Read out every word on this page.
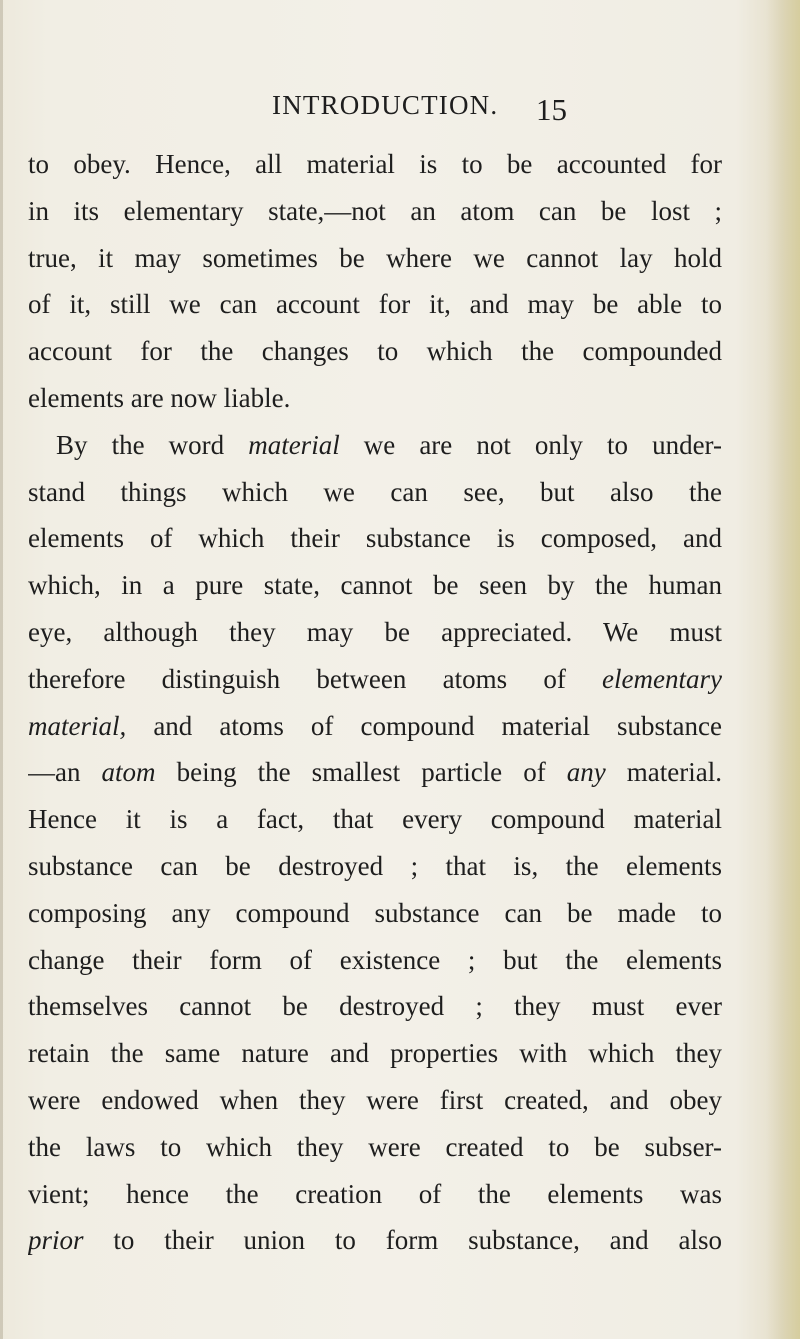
INTRODUCTION. 15
to obey. Hence, all material is to be accounted for
in its elementary state,—not an atom can be lost ;
true, it may sometimes be where we cannot lay hold
of it, still we can account for it, and may be able to
account for the changes to which the compounded
elements are now liable.
By the word material we are not only to under-
stand things which we can see, but also the
elements of which their substance is composed, and
which, in a pure state, cannot be seen by the human
eye, although they may be appreciated. We must
therefore distinguish between atoms of elementary
material, and atoms of compound material substance
—an atom being the smallest particle of any material.
Hence it is a fact, that every compound material
substance can be destroyed ; that is, the elements
composing any compound substance can be made to
change their form of existence ; but the elements
themselves cannot be destroyed ; they must ever
retain the same nature and properties with which they
were endowed when they were first created, and obey
the laws to which they were created to be subser-
vient; hence the creation of the elements was
prior to their union to form substance, and also
